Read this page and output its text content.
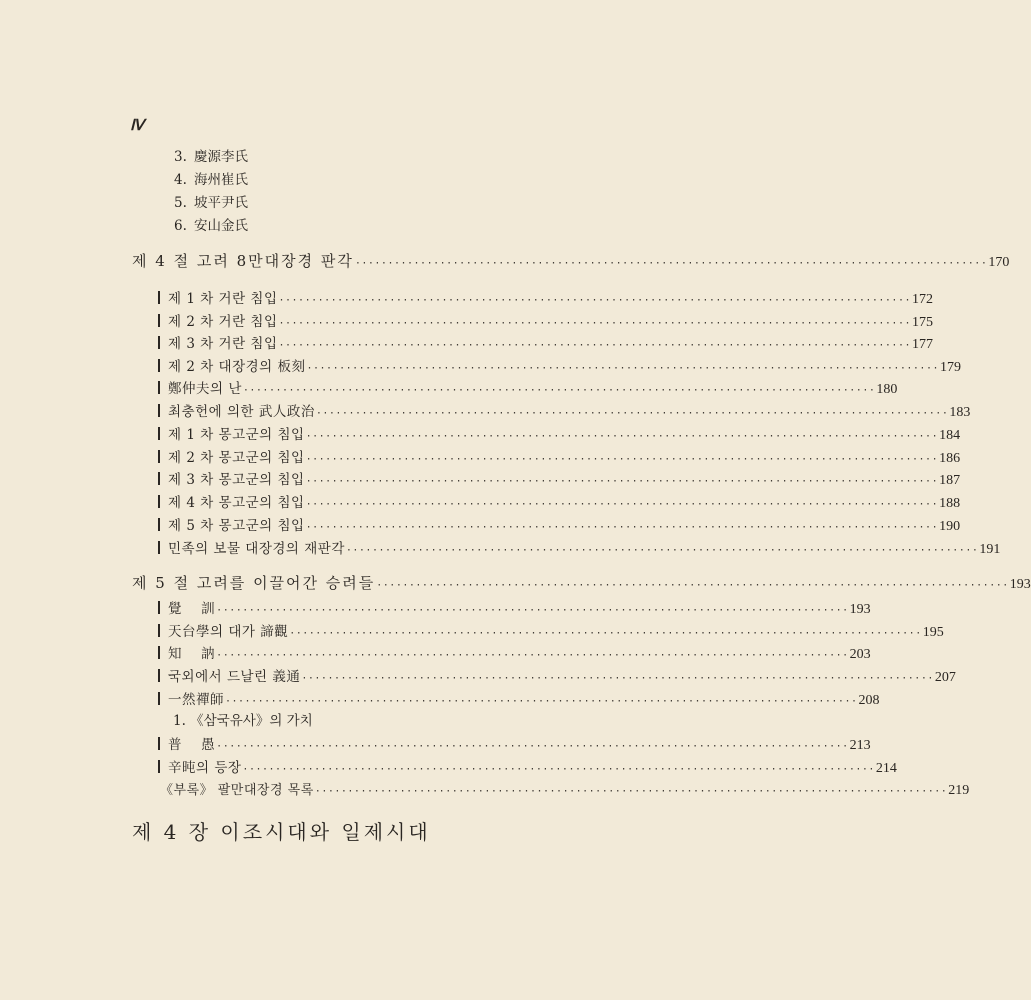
Ⅳ
3. 慶源李氏
4. 海州崔氏
5. 坡平尹氏
6. 安山金氏
제 4 절 고려 8만대장경 판각 ································································································· 170
제 1 차 거란 침입 ································································································· 172
제 2 차 거란 침입 ································································································· 175
제 3 차 거란 침입 ································································································· 177
제 2 차 대장경의 板刻 ································································································· 179
鄭仲夫의 난 ································································································· 180
최충헌에 의한 武人政治 ································································································· 183
제 1 차 몽고군의 침입 ································································································· 184
제 2 차 몽고군의 침입 ································································································· 186
제 3 차 몽고군의 침입 ································································································· 187
제 4 차 몽고군의 침입 ································································································· 188
제 5 차 몽고군의 침입 ································································································· 190
민족의 보물 대장경의 재판각 ································································································· 191
제 5 절 고려를 이끌어간 승려들 ································································································· 193
覺    訓 ································································································· 193
天台學의 대가 諦觀 ································································································· 195
知    訥 ································································································· 203
국외에서 드날린 義通 ································································································· 207
一然禪師 ································································································· 208
1. 《삼국유사》의 가치
普    愚 ································································································· 213
辛旽의 등장 ································································································· 214
《부록》 팔만대장경 목록 ································································································· 219
제 4 장 이조시대와 일제시대
